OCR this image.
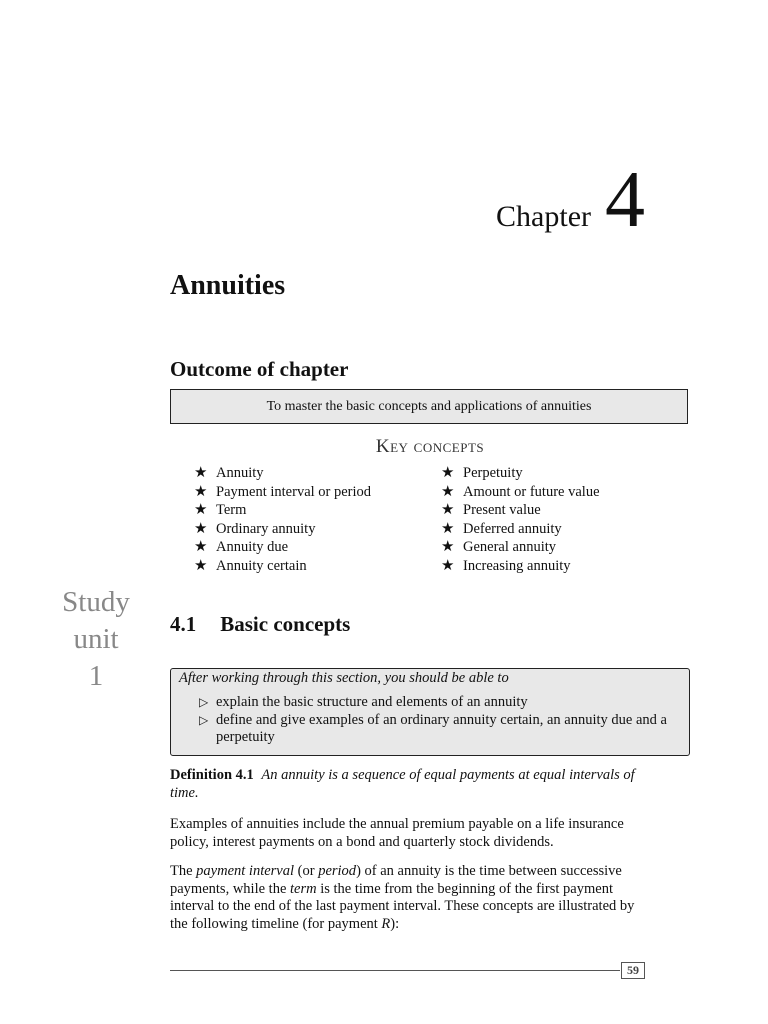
Chapter 4
Annuities
Outcome of chapter
To master the basic concepts and applications of annuities
Key concepts
★ Annuity
★ Payment interval or period
★ Term
★ Ordinary annuity
★ Annuity due
★ Annuity certain
★ Perpetuity
★ Amount or future value
★ Present value
★ Deferred annuity
★ General annuity
★ Increasing annuity
Study
unit
1
4.1 Basic concepts
After working through this section, you should be able to
▷ explain the basic structure and elements of an annuity
▷ define and give examples of an ordinary annuity certain, an annuity due and a perpetuity
Definition 4.1 An annuity is a sequence of equal payments at equal intervals of time.
Examples of annuities include the annual premium payable on a life insurance policy, interest payments on a bond and quarterly stock dividends.
The payment interval (or period) of an annuity is the time between successive payments, while the term is the time from the beginning of the first payment interval to the end of the last payment interval. These concepts are illustrated by the following timeline (for payment R):
59
